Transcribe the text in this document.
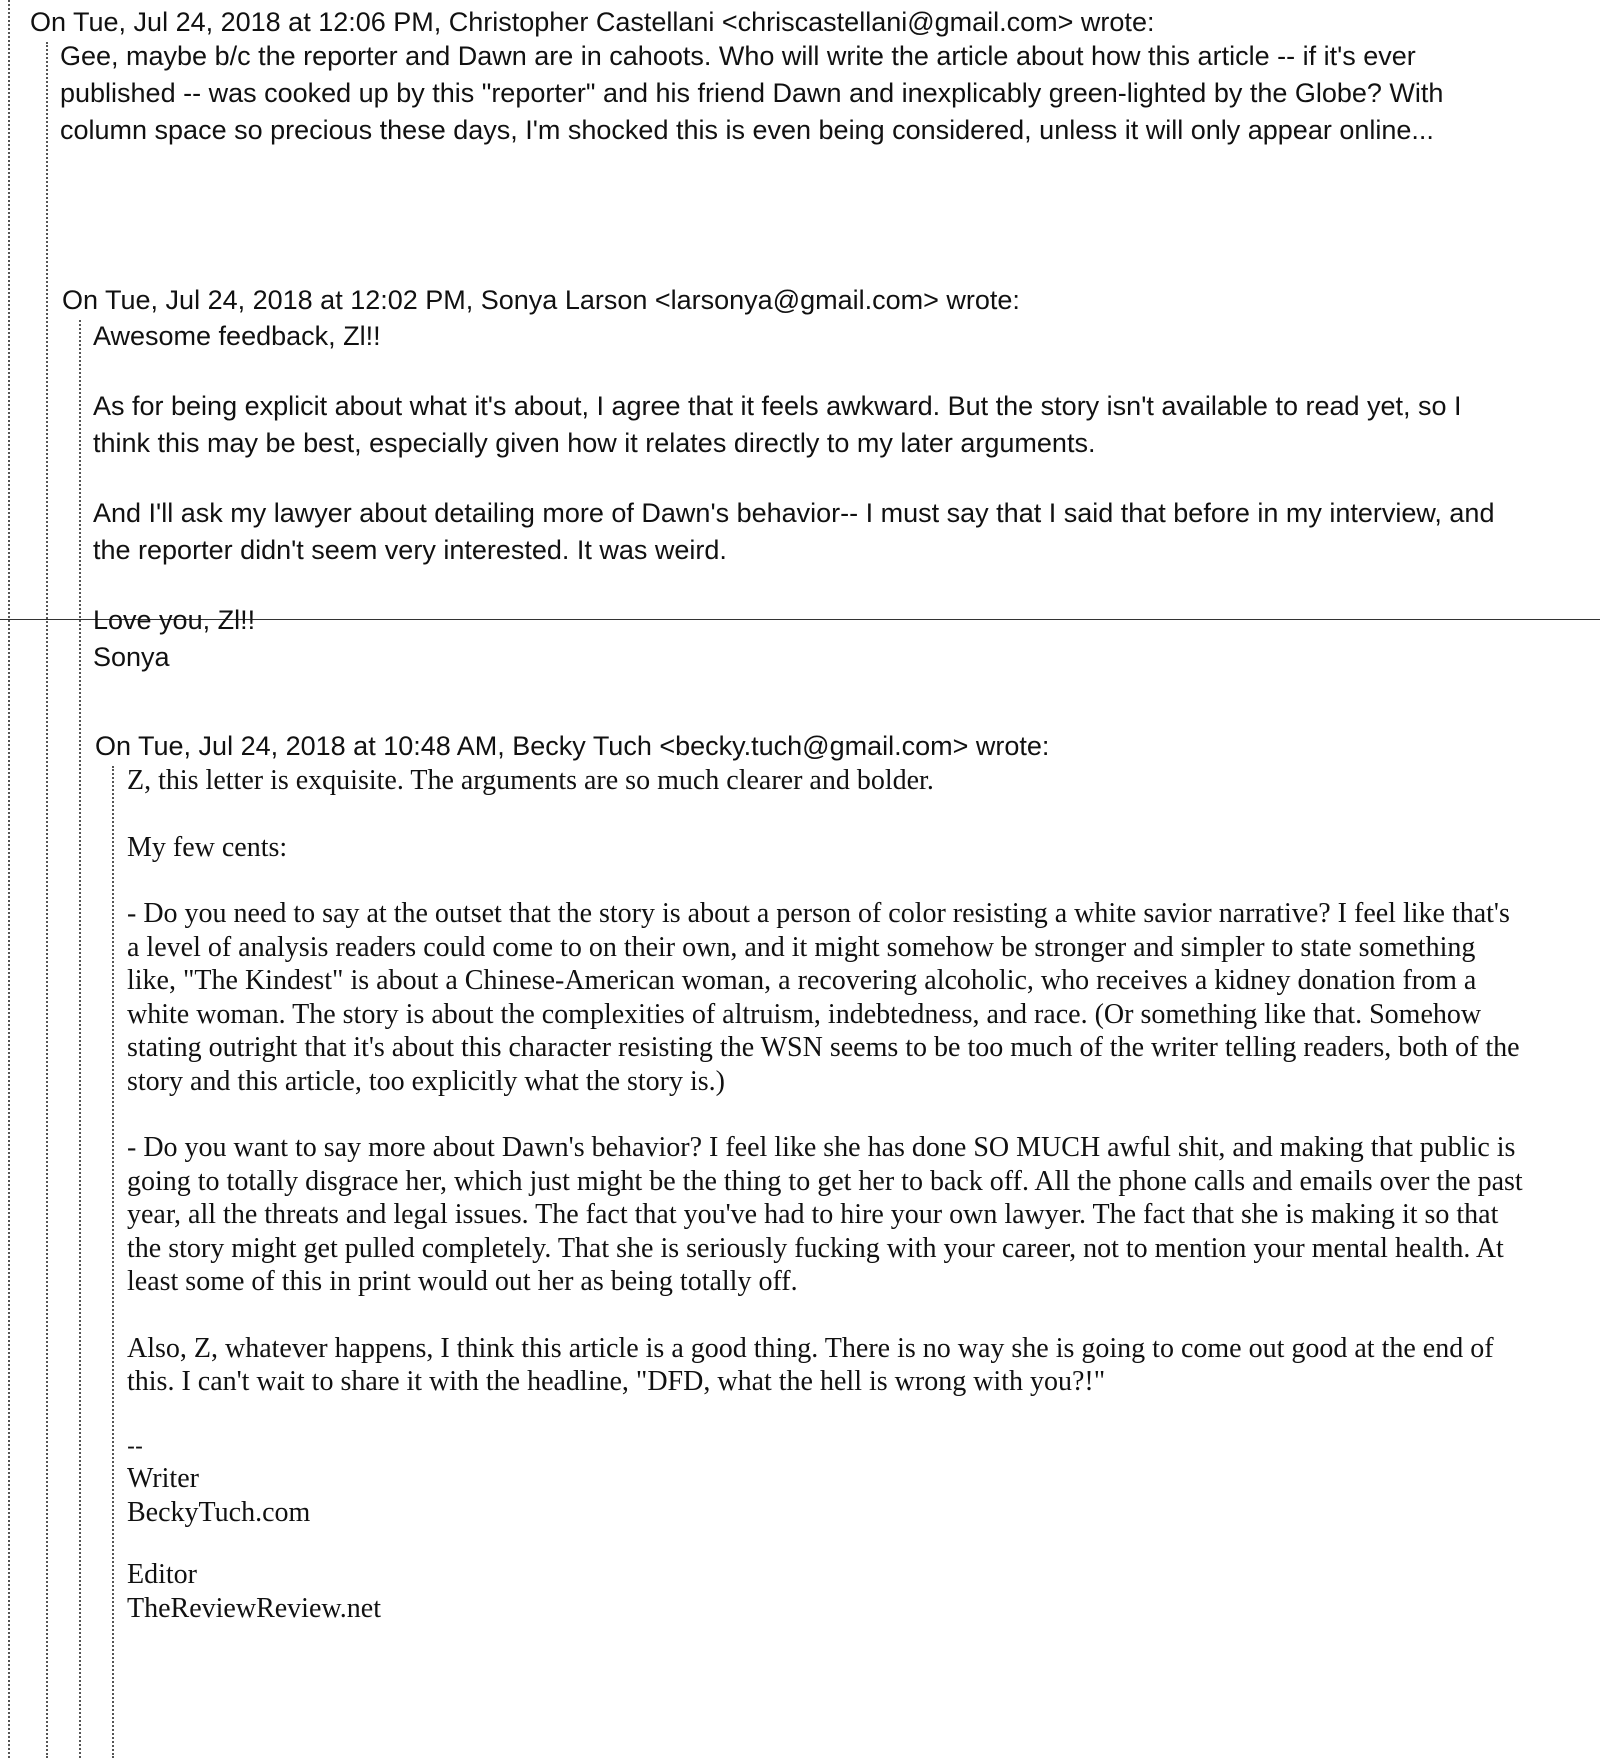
On Tue, Jul 24, 2018 at 12:06 PM, Christopher Castellani <chriscastellani@gmail.com> wrote:

Gee, maybe b/c the reporter and Dawn are in cahoots. Who will write the article about how this article -- if it's ever published -- was cooked up by this "reporter" and his friend Dawn and inexplicably green-lighted by the Globe? With column space so precious these days, I'm shocked this is even being considered, unless it will only appear online...

On Tue, Jul 24, 2018 at 12:02 PM, Sonya Larson <larsonya@gmail.com> wrote:

Awesome feedback, Zl!!

As for being explicit about what it's about, I agree that it feels awkward. But the story isn't available to read yet, so I think this may be best, especially given how it relates directly to my later arguments.

And I'll ask my lawyer about detailing more of Dawn's behavior-- I must say that I said that before in my interview, and the reporter didn't seem very interested. It was weird.

Love you, Zl!!

Sonya

On Tue, Jul 24, 2018 at 10:48 AM, Becky Tuch <becky.tuch@gmail.com> wrote:

Z, this letter is exquisite. The arguments are so much clearer and bolder.

My few cents:

- Do you need to say at the outset that the story is about a person of color resisting a white savior narrative? I feel like that's a level of analysis readers could come to on their own, and it might somehow be stronger and simpler to state something like, "The Kindest" is about a Chinese-American woman, a recovering alcoholic, who receives a kidney donation from a white woman. The story is about the complexities of altruism, indebtedness, and race. (Or something like that. Somehow stating outright that it's about this character resisting the WSN seems to be too much of the writer telling readers, both of the story and this article, too explicitly what the story is.)

- Do you want to say more about Dawn's behavior? I feel like she has done SO MUCH awful shit, and making that public is going to totally disgrace her, which just might be the thing to get her to back off. All the phone calls and emails over the past year, all the threats and legal issues. The fact that you've had to hire your own lawyer. The fact that she is making it so that the story might get pulled completely. That she is seriously fucking with your career, not to mention your mental health. At least some of this in print would out her as being totally off.

Also, Z, whatever happens, I think this article is a good thing. There is no way she is going to come out good at the end of this. I can't wait to share it with the headline, "DFD, what the hell is wrong with you?!"

--

Writer

BeckyTuch.com

Editor

TheReviewReview.net
